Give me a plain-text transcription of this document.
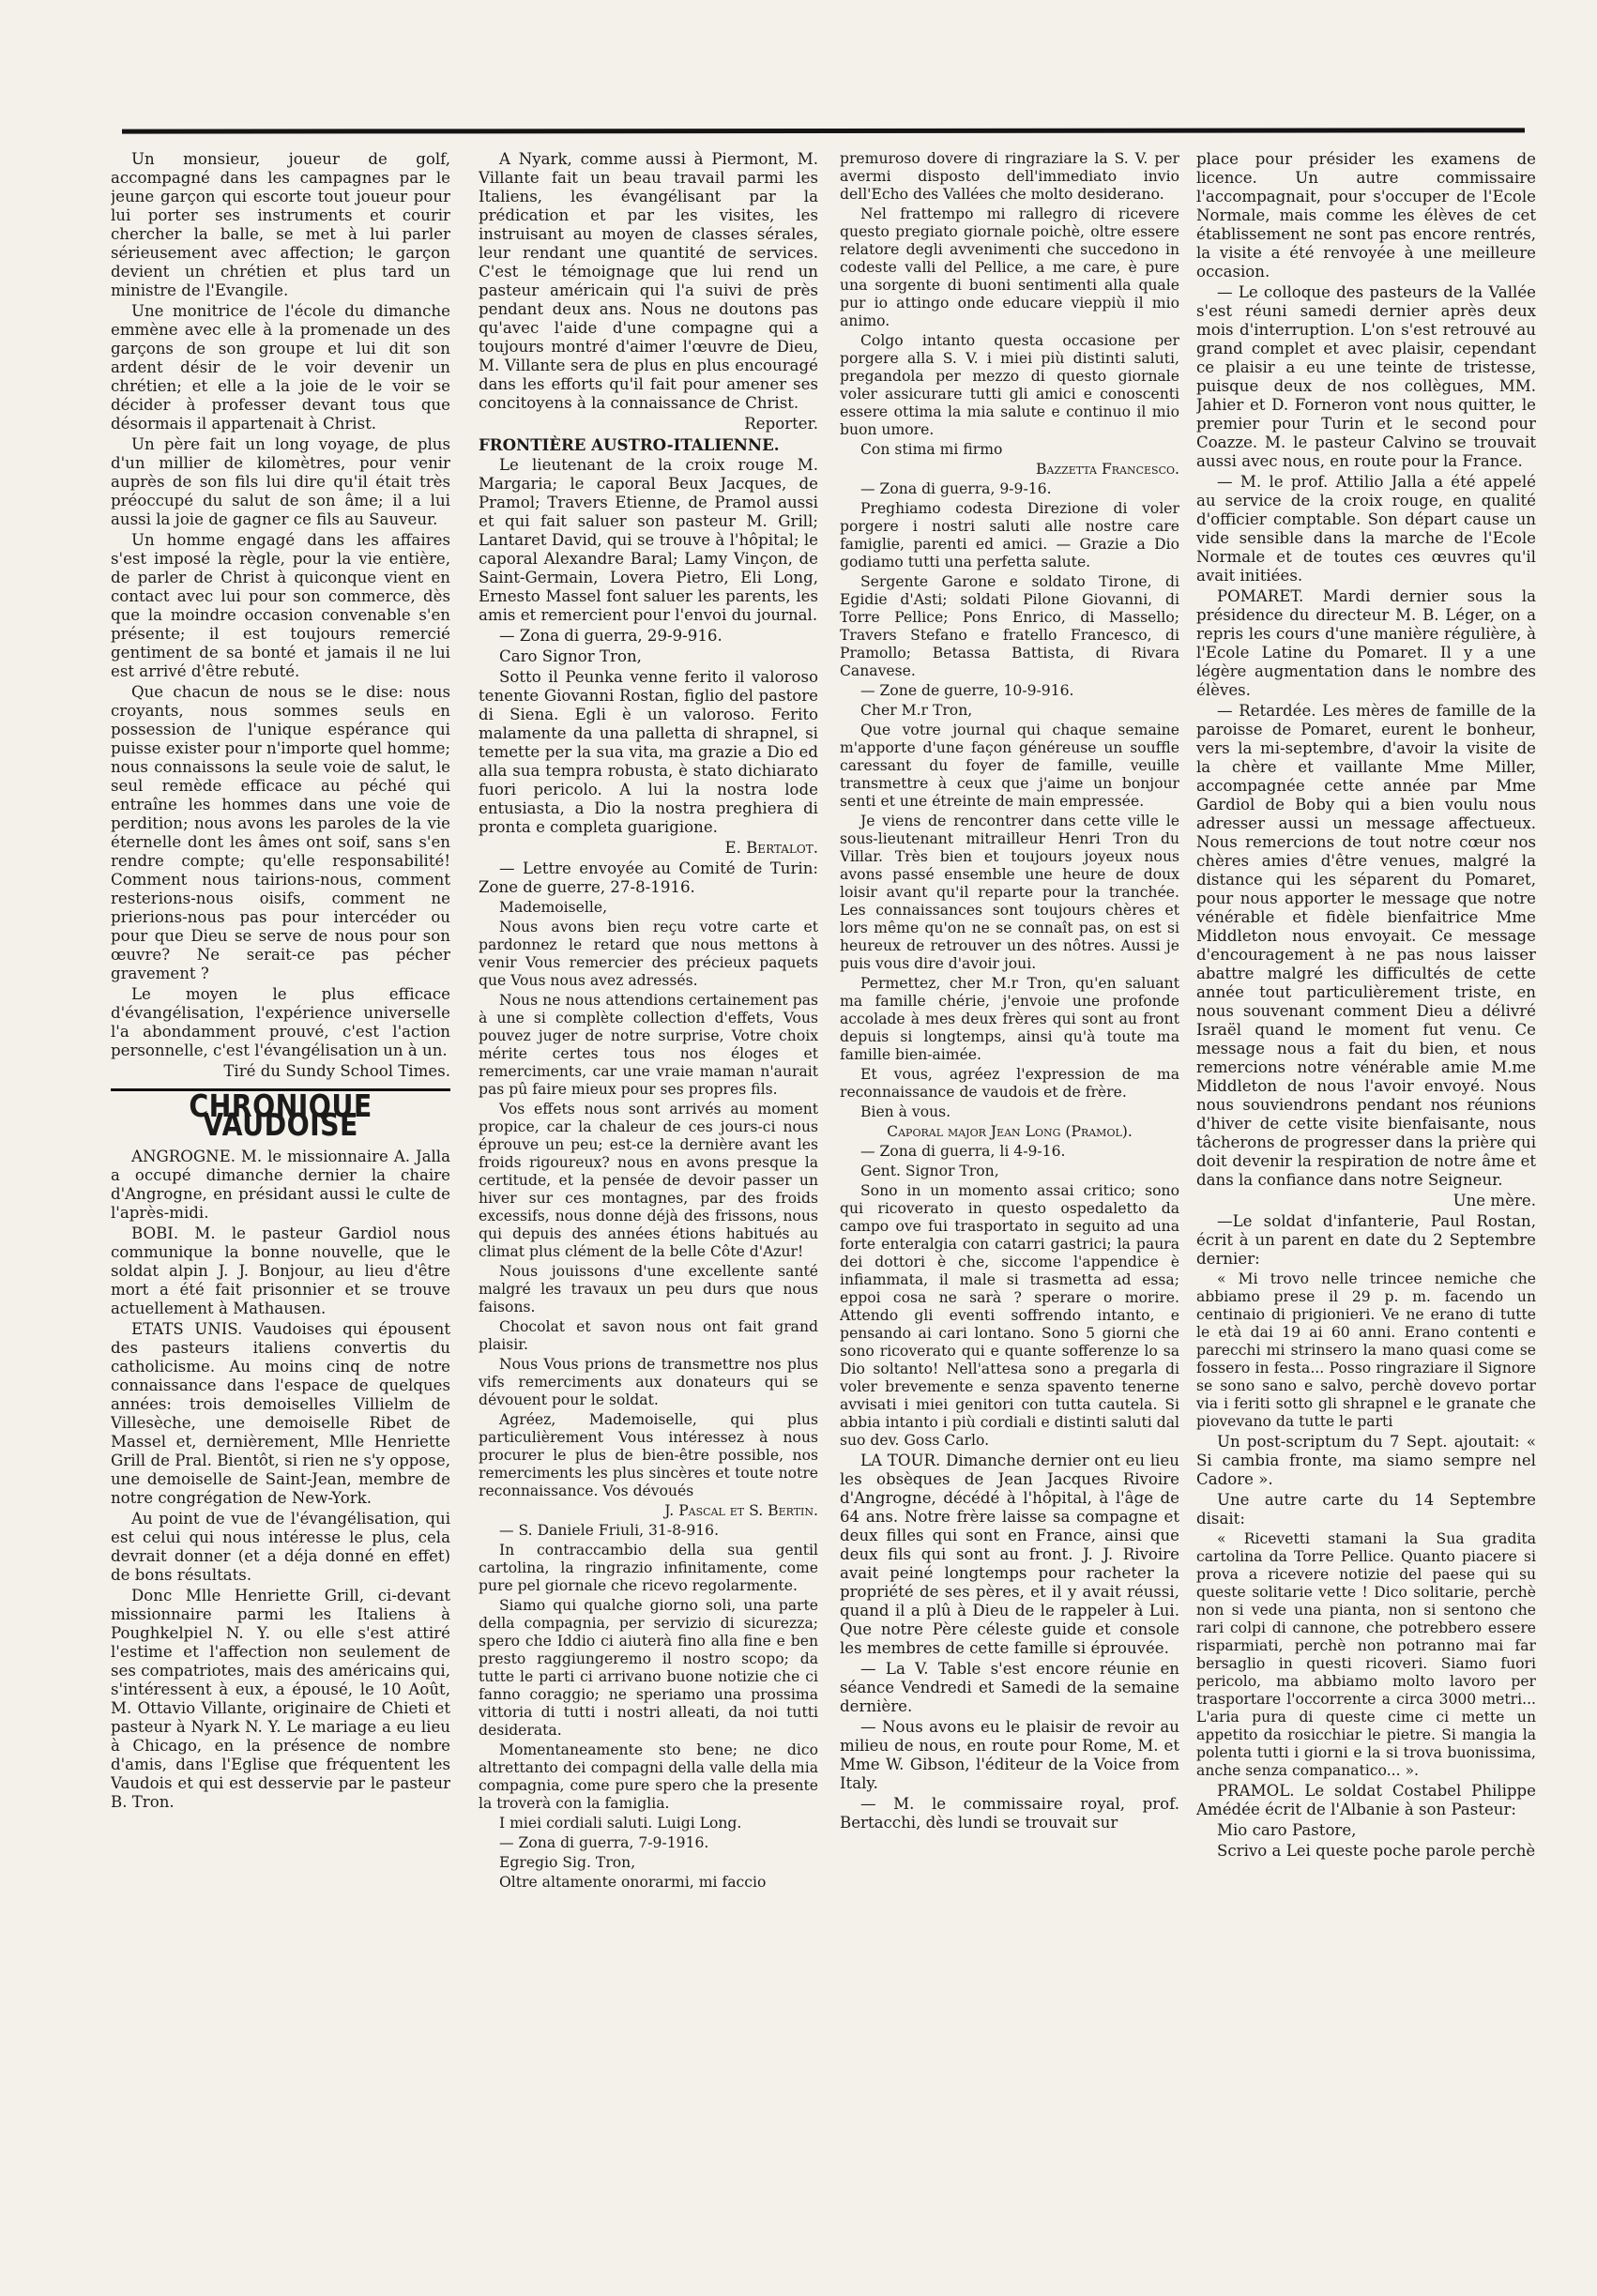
Un monsieur, joueur de golf, accompagné dans les campagnes par le jeune garçon qui escorte tout joueur pour lui porter ses instruments et courir chercher la balle, se met à lui parler sérieusement avec affection; le garçon devient un chrétien et plus tard un ministre de l'Evangile.

Une monitrice de l'école du dimanche emmène avec elle à la promenade un des garçons de son groupe et lui dit son ardent désir de le voir devenir un chrétien; et elle a la joie de le voir se décider à professer devant tous que désormais il appartenait à Christ.

Un père fait un long voyage, de plus d'un millier de kilomètres, pour venir auprès de son fils lui dire qu'il était très préoccupé du salut de son âme; il a lui aussi la joie de gagner ce fils au Sauveur.

Un homme engagé dans les affaires s'est imposé la règle, pour la vie entière, de parler de Christ à quiconque vient en contact avec lui pour son commerce, dès que la moindre occasion convenable s'en présente; il est toujours remercié gentiment de sa bonté et jamais il ne lui est arrivé d'être rebuté.

Que chacun de nous se le dise: nous croyants, nous sommes seuls en possession de l'unique espérance qui puisse exister pour n'importe quel homme; nous connaissons la seule voie de salut, le seul remède efficace au péché qui entraîne les hommes dans une voie de perdition; nous avons les paroles de la vie éternelle dont les âmes ont soif, sans s'en rendre compte; qu'elle responsabilité! Comment nous tairions-nous, comment resterions-nous oisifs, comment ne prierions-nous pas pour intercéder ou pour que Dieu se serve de nous pour son œuvre? Ne serait-ce pas pécher gravement ?

Le moyen le plus efficace d'évangélisation, l'expérience universelle l'a abondamment prouvé, c'est l'action personnelle, c'est l'évangélisation un à un.

Tiré du Sundy School Times.

CHRONIQUE VAUDOISE

ANGROGNE. M. le missionnaire A. Jalla a occupé dimanche dernier la chaire d'Angrogne, en présidant aussi le culte de l'après-midi.

BOBI. M. le pasteur Gardiol nous communique la bonne nouvelle, que le soldat alpin J. J. Bonjour, au lieu d'être mort a été fait prisonnier et se trouve actuellement à Mathausen.

ETATS UNIS. Vaudoises qui épousent des pasteurs italiens convertis du catholicisme. Au moins cinq de notre connaissance dans l'espace de quelques années: trois demoiselles Villielm de Villesèche, une demoiselle Ribet de Massel et, dernièrement, Mlle Henriette Grill de Pral. Bientôt, si rien ne s'y oppose, une demoiselle de Saint-Jean, membre de notre congrégation de New-York.

Au point de vue de l'évangélisation, qui est celui qui nous intéresse le plus, cela devrait donner (et a déja donné en effet) de bons résultats.

Donc Mlle Henriette Grill, ci-devant missionnaire parmi les Italiens à Poughkelpiel N. Y. ou elle s'est attiré l'estime et l'affection non seulement de ses compatriotes, mais des américains qui, s'intéressent à eux, a épousé, le 10 Août, M. Ottavio Villante, originaire de Chieti et pasteur à Nyark N. Y. Le mariage a eu lieu à Chicago, en la présence de nombre d'amis, dans l'Eglise que fréquentent les Vaudois et qui est desservie par le pasteur B. Tron.

A Nyark, comme aussi à Piermont, M. Villante fait un beau travail parmi les Italiens, les évangélisant par la prédication et par les visites, les instruisant au moyen de classes sérales, leur rendant une quantité de services. C'est le témoignage que lui rend un pasteur américain qui l'a suivi de près pendant deux ans. Nous ne doutons pas qu'avec l'aide d'une compagne qui a toujours montré d'aimer l'œuvre de Dieu, M. Villante sera de plus en plus encouragé dans les efforts qu'il fait pour amener ses concitoyens à la connaissance de Christ.

Reporter.

FRONTIÈRE AUSTRO-ITALIENNE.

Le lieutenant de la croix rouge M. Margaria; le caporal Beux Jacques, de Pramol; Travers Etienne, de Pramol aussi et qui fait saluer son pasteur M. Grill; Lantaret David, qui se trouve à l'hôpital; le caporal Alexandre Baral; Lamy Vinçon, de Saint-Germain, Lovera Pietro, Eli Long, Ernesto Massel font saluer les parents, les amis et remercient pour l'envoi du journal.

— Zona di guerra, 29-9-916.

Caro Signor Tron,

Sotto il Peunka venne ferito il valoroso tenente Giovanni Rostan, figlio del pastore di Siena. Egli è un valoroso. Ferito malamente da una palletta di shrapnel, si temette per la sua vita, ma grazie a Dio ed alla sua tempra robusta, è stato dichiarato fuori pericolo. A lui la nostra lode entusiasta, a Dio la nostra preghiera di pronta e completa guarigione.

E. Bertalot.

— Lettre envoyée au Comité de Turin: Zone de guerre, 27-8-1916.

Mademoiselle,

Nous avons bien reçu votre carte et pardonnez le retard que nous mettons à venir Vous remercier des précieux paquets que Vous nous avez adressés.

Nous ne nous attendions certainement pas à une si complète collection d'effets, Vous pouvez juger de notre surprise, Votre choix mérite certes tous nos éloges et remerciments, car une vraie maman n'aurait pas pû faire mieux pour ses propres fils.

Vos effets nous sont arrivés au moment propice, car la chaleur de ces jours-ci nous éprouve un peu; est-ce la dernière avant les froids rigoureux? nous en avons presque la certitude, et la pensée de devoir passer un hiver sur ces montagnes, par des froids excessifs, nous donne déjà des frissons, nous qui depuis des années étions habitués au climat plus clément de la belle Côte d'Azur!

Nous jouissons d'une excellente santé malgré les travaux un peu durs que nous faisons.

Chocolat et savon nous ont fait grand plaisir.

Nous Vous prions de transmettre nos plus vifs remerciments aux donateurs qui se dévouent pour le soldat.

Agréez, Mademoiselle, qui plus particulièrement Vous intéressez à nous procurer le plus de bien-être possible, nos remerciments les plus sincères et toute notre reconnaissance. Vos dévoués

J. Pascal et S. Bertin.

— S. Daniele Friuli, 31-8-916.

In contraccambio della sua gentil cartolina, la ringrazio infinitamente, come pure pel giornale che ricevo regolarmente.

Siamo qui qualche giorno soli, una parte della compagnia, per servizio di sicurezza; spero che Iddio ci aiuterà fino alla fine e ben presto raggiungeremo il nostro scopo; da tutte le parti ci arrivano buone notizie che ci fanno coraggio; ne speriamo una prossima vittoria di tutti i nostri alleati, da noi tutti desiderata.

Momentaneamente sto bene; ne dico altrettanto dei compagni della valle della mia compagnia, come pure spero che la presente la troverà con la famiglia.

I miei cordiali saluti. Luigi Long.

— Zona di guerra, 7-9-1916.

Egregio Sig. Tron,

Oltre altamente onorarmi, mi faccio

premuroso dovere di ringraziare la S. V. per avermi disposto dell'immediato invio dell'Echo des Vallées che molto desiderano.

Nel frattempo mi rallegro di ricevere questo pregiato giornale poichè, oltre essere relatore degli avvenimenti che succedono in codeste valli del Pellice, a me care, è pure una sorgente di buoni sentimenti alla quale pur io attingo onde educare vieppiù il mio animo.

Colgo intanto questa occasione per porgere alla S. V. i miei più distinti saluti, pregandola per mezzo di questo giornale voler assicurare tutti gli amici e conoscenti essere ottima la mia salute e continuo il mio buon umore.

Con stima mi firmo

Bazzetta Francesco.

— Zona di guerra, 9-9-16.

Preghiamo codesta Direzione di voler porgere i nostri saluti alle nostre care famiglie, parenti ed amici. — Grazie a Dio godiamo tutti una perfetta salute.

Sergente Garone e soldato Tirone, di Egidie d'Asti; soldati Pilone Giovanni, di Torre Pellice; Pons Enrico, di Massello; Travers Stefano e fratello Francesco, di Pramollo; Betassa Battista, di Rivara Canavese.

— Zone de guerre, 10-9-916.

Cher M.r Tron,

Que votre journal qui chaque semaine m'apporte d'une façon généreuse un souffle caressant du foyer de famille, veuille transmettre à ceux que j'aime un bonjour senti et une étreinte de main empressée.

Je viens de rencontrer dans cette ville le sous-lieutenant mitrailleur Henri Tron du Villar. Très bien et toujours joyeux nous avons passé ensemble une heure de doux loisir avant qu'il reparte pour la tranchée. Les connaissances sont toujours chères et lors même qu'on ne se connaît pas, on est si heureux de retrouver un des nôtres. Aussi je puis vous dire d'avoir joui.

Permettez, cher M.r Tron, qu'en saluant ma famille chérie, j'envoie une profonde accolade à mes deux frères qui sont au front depuis si longtemps, ainsi qu'à toute ma famille bien-aimée.

Et vous, agréez l'expression de ma reconnaissance de vaudois et de frère.

Bien à vous.

Caporal major Jean Long (Pramol).

— Zona di guerra, li 4-9-16.

Gent. Signor Tron,

Sono in un momento assai critico; sono qui ricoverato in questo ospedaletto da campo ove fui trasportato in seguito ad una forte enteralgia con catarri gastrici; la paura dei dottori è che, siccome l'appendice è infiammata, il male si trasmetta ad essa; eppoi cosa ne sarà ? sperare o morire. Attendo gli eventi soffrendo intanto, e pensando ai cari lontano. Sono 5 giorni che sono ricoverato qui e quante sofferenze lo sa Dio soltanto! Nell'attesa sono a pregarla di voler brevemente e senza spavento tenerne avvisati i miei genitori con tutta cautela. Si abbia intanto i più cordiali e distinti saluti dal suo dev. Goss Carlo.

LA TOUR. Dimanche dernier ont eu lieu les obsèques de Jean Jacques Rivoire d'Angrogne, décédé à l'hôpital, à l'âge de 64 ans. Notre frère laisse sa compagne et deux filles qui sont en France, ainsi que deux fils qui sont au front. J. J. Rivoire avait peiné longtemps pour racheter la propriété de ses pères, et il y avait réussi, quand il a plû à Dieu de le rappeler à Lui. Que notre Père céleste guide et console les membres de cette famille si éprouvée.

— La V. Table s'est encore réunie en séance Vendredi et Samedi de la semaine dernière.

— Nous avons eu le plaisir de revoir au milieu de nous, en route pour Rome, M. et Mme W. Gibson, l'éditeur de la Voice from Italy.

— M. le commissaire royal, prof. Bertacchi, dès lundi se trouvait sur

place pour présider les examens de licence. Un autre commissaire l'accompagnait, pour s'occuper de l'Ecole Normale, mais comme les élèves de cet établissement ne sont pas encore rentrés, la visite a été renvoyée à une meilleure occasion.

— Le colloque des pasteurs de la Vallée s'est réuni samedi dernier après deux mois d'interruption. L'on s'est retrouvé au grand complet et avec plaisir, cependant ce plaisir a eu une teinte de tristesse, puisque deux de nos collègues, MM. Jahier et D. Forneron vont nous quitter, le premier pour Turin et le second pour Coazze. M. le pasteur Calvino se trouvait aussi avec nous, en route pour la France.

— M. le prof. Attilio Jalla a été appelé au service de la croix rouge, en qualité d'officier comptable. Son départ cause un vide sensible dans la marche de l'Ecole Normale et de toutes ces œuvres qu'il avait initiées.

POMARET. Mardi dernier sous la présidence du directeur M. B. Léger, on a repris les cours d'une manière régulière, à l'Ecole Latine du Pomaret. Il y a une légère augmentation dans le nombre des élèves.

— Retardée. Les mères de famille de la paroisse de Pomaret, eurent le bonheur, vers la mi-septembre, d'avoir la visite de la chère et vaillante Mme Miller, accompagnée cette année par Mme Gardiol de Boby qui a bien voulu nous adresser aussi un message affectueux. Nous remercions de tout notre cœur nos chères amies d'être venues, malgré la distance qui les séparent du Pomaret, pour nous apporter le message que notre vénérable et fidèle bienfaitrice Mme Middleton nous envoyait. Ce message d'encouragement à ne pas nous laisser abattre malgré les difficultés de cette année tout particulièrement triste, en nous souvenant comment Dieu a délivré Israël quand le moment fut venu. Ce message nous a fait du bien, et nous remercions notre vénérable amie M.me Middleton de nous l'avoir envoyé. Nous nous souviendrons pendant nos réunions d'hiver de cette visite bienfaisante, nous tâcherons de progresser dans la prière qui doit devenir la respiration de notre âme et dans la confiance dans notre Seigneur.

Une mère.

—Le soldat d'infanterie, Paul Rostan, écrit à un parent en date du 2 Septembre dernier:

« Mi trovo nelle trincee nemiche che abbiamo prese il 29 p. m. facendo un centinaio di prigionieri. Ve ne erano di tutte le età dai 19 ai 60 anni. Erano contenti e parecchi mi strinsero la mano quasi come se fossero in festa... Posso ringraziare il Signore se sono sano e salvo, perchè dovevo portar via i feriti sotto gli shrapnel e le granate che piovevano da tutte le parti

Un post-scriptum du 7 Sept. ajoutait: « Si cambia fronte, ma siamo sempre nel Cadore ».

Une autre carte du 14 Septembre disait:

« Ricevetti stamani la Sua gradita cartolina da Torre Pellice. Quanto piacere si prova a ricevere notizie del paese qui su queste solitarie vette ! Dico solitarie, perchè non si vede una pianta, non si sentono che rari colpi di cannone, che potrebbero essere risparmiati, perchè non potranno mai far bersaglio in questi ricoveri. Siamo fuori pericolo, ma abbiamo molto lavoro per trasportare l'occorrente a circa 3000 metri... L'aria pura di queste cime ci mette un appetito da rosicchiar le pietre. Si mangia la polenta tutti i giorni e la si trova buonissima, anche senza companatico... ».

PRAMOL. Le soldat Costabel Philippe Amédée écrit de l'Albanie à son Pasteur:

Mio caro Pastore,

Scrivo a Lei queste poche parole perchè
